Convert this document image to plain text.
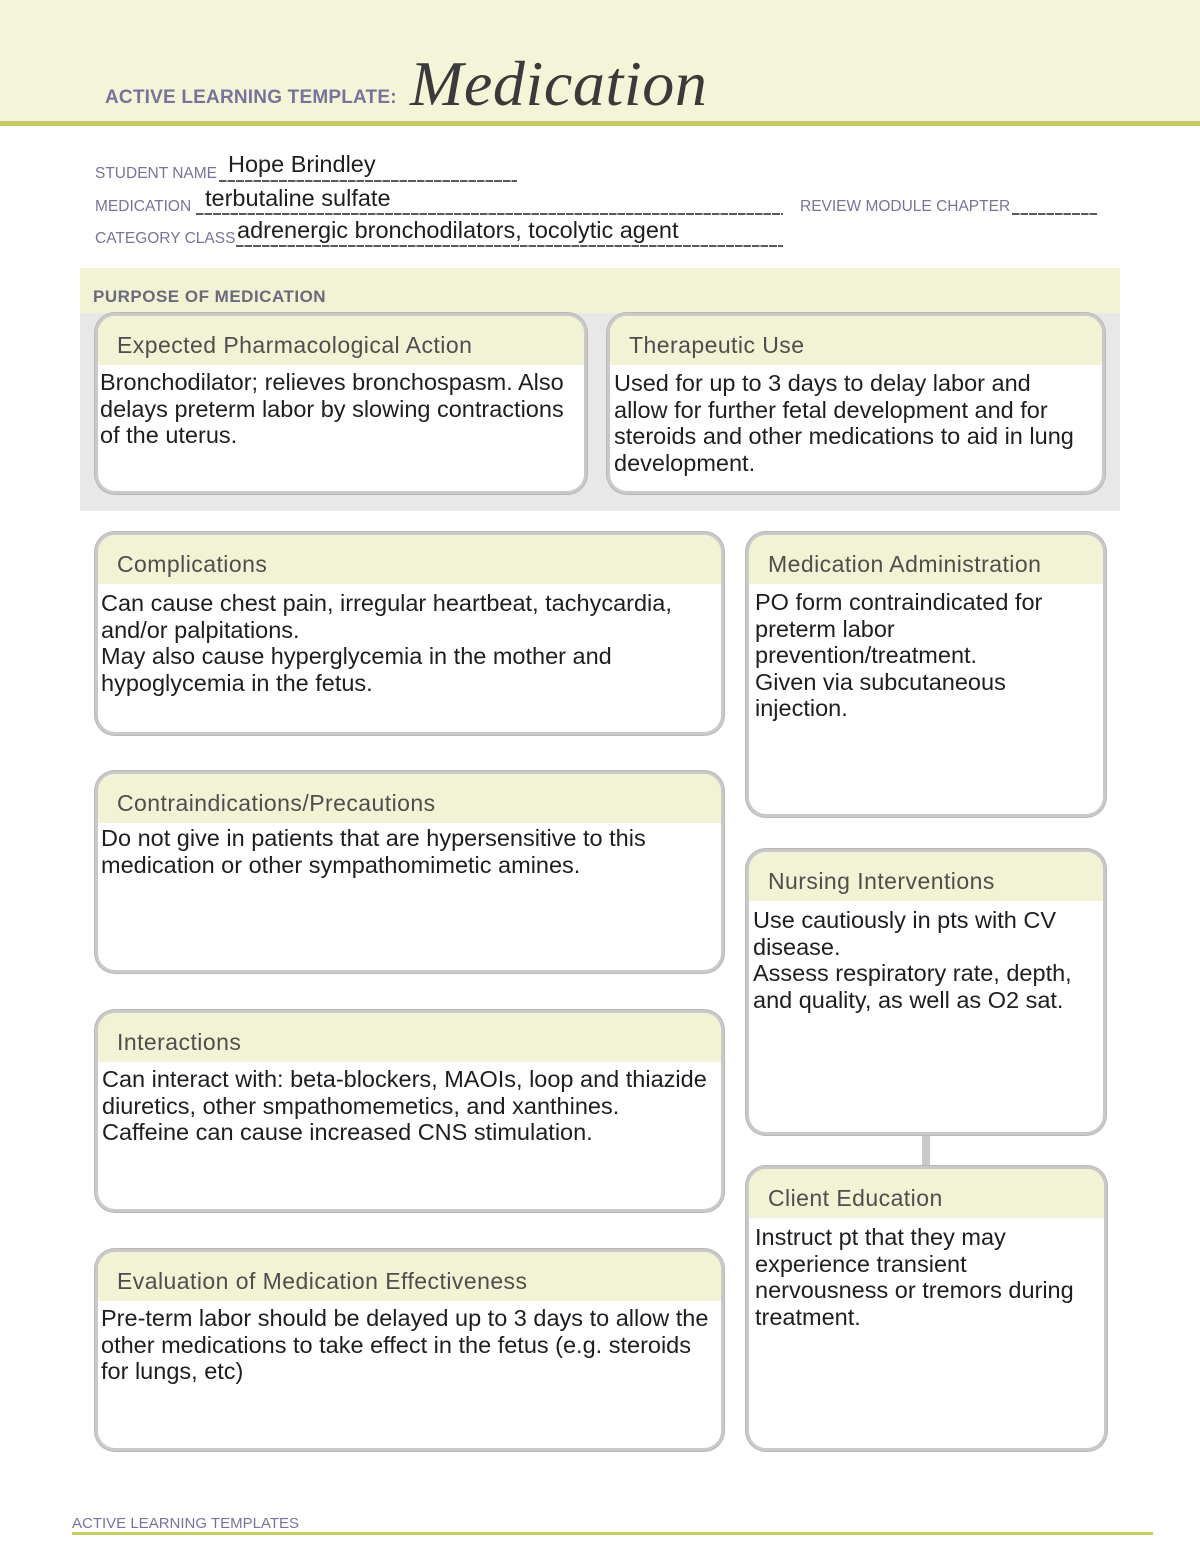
ACTIVE LEARNING TEMPLATE: Medication
STUDENT NAME Hope Brindley
MEDICATION terbutaline sulfate	REVIEW MODULE CHAPTER
CATEGORY CLASS adrenergic bronchodilators, tocolytic agent
PURPOSE OF MEDICATION
Expected Pharmacological Action
Bronchodilator; relieves bronchospasm. Also
delays preterm labor by slowing contractions
of the uterus.
Therapeutic Use
Used for up to 3 days to delay labor and
allow for further fetal development and for
steroids and other medications to aid in lung
development.
Complications
Can cause chest pain, irregular heartbeat, tachycardia,
and/or palpitations.
May also cause hyperglycemia in the mother and
hypoglycemia in the fetus.
Contraindications/Precautions
Do not give in patients that are hypersensitive to this
medication or other sympathomimetic amines.
Interactions
Can interact with: beta-blockers, MAOIs, loop and thiazide
diuretics, other smpathomemetics, and xanthines.
Caffeine can cause increased CNS stimulation.
Evaluation of Medication Effectiveness
Pre-term labor should be delayed up to 3 days to allow the
other medications to take effect in the fetus (e.g. steroids
for lungs, etc)
Medication Administration
PO form contraindicated for
preterm labor
prevention/treatment.
Given via subcutaneous
injection.
Nursing Interventions
Use cautiously in pts with CV
disease.
Assess respiratory rate, depth,
and quality, as well as O2 sat.
Client Education
Instruct pt that they may
experience transient
nervousness or tremors during
treatment.
ACTIVE LEARNING TEMPLATES
